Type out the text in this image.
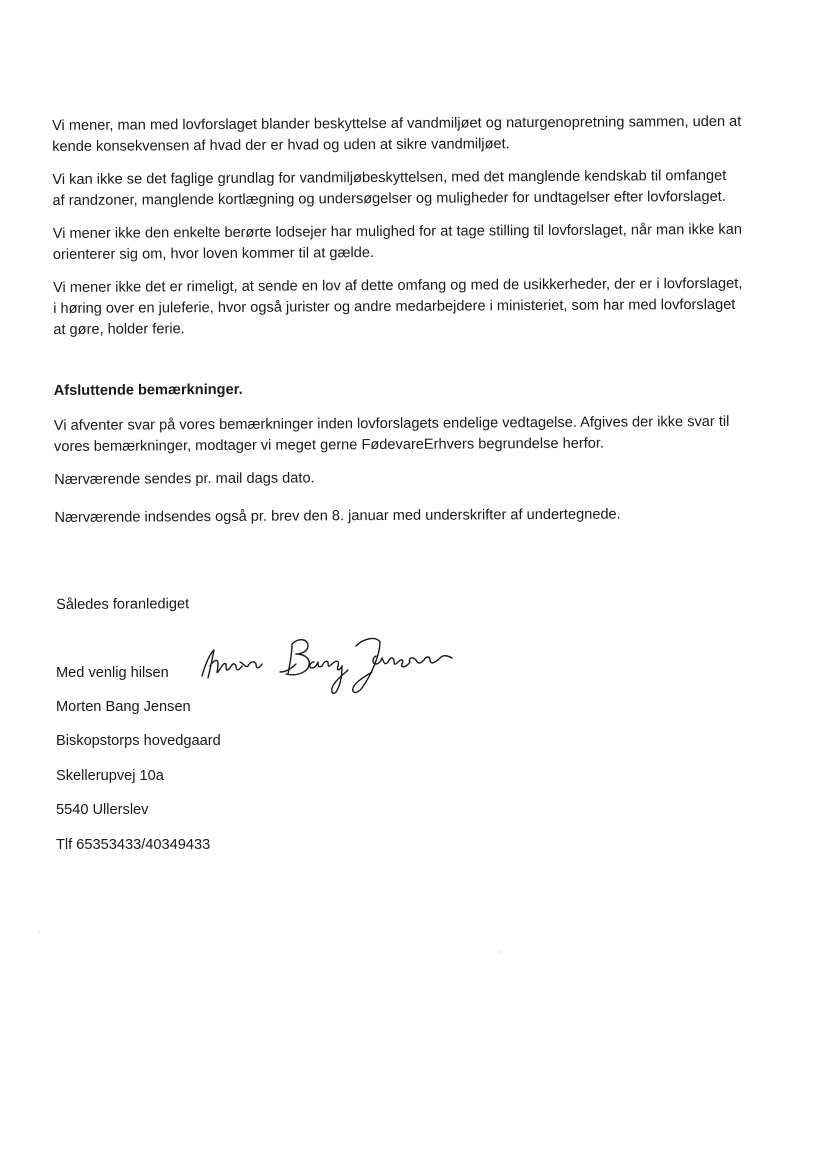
Vi mener, man med lovforslaget blander beskyttelse af vandmiljøet og naturgenopretning sammen, uden at kende konsekvensen af hvad der er hvad og uden at sikre vandmiljøet.

Vi kan ikke se det faglige grundlag for vandmiljøbeskyttelsen, med det manglende kendskab til omfanget af randzoner, manglende kortlægning og undersøgelser og muligheder for undtagelser efter lovforslaget.

Vi mener ikke den enkelte berørte lodsejer har mulighed for at tage stilling til lovforslaget, når man ikke kan orienterer sig om, hvor loven kommer til at gælde.

Vi mener ikke det er rimeligt, at sende en lov af dette omfang og med de usikkerheder, der er i lovforslaget, i høring over en juleferie, hvor også jurister og andre medarbejdere i ministeriet, som har med lovforslaget at gøre, holder ferie.

Afsluttende bemærkninger.

Vi afventer svar på vores bemærkninger inden lovforslagets endelige vedtagelse. Afgives der ikke svar til vores bemærkninger, modtager vi meget gerne FødevareErhvers begrundelse herfor.

Nærværende sendes pr. mail dags dato.

Nærværende indsendes også pr. brev den 8. januar med underskrifter af undertegnede.

Således foranlediget

Med venlig hilsen

Morten Bang Jensen

Biskopstorps hovedgaard

Skellerupvej 10a

5540 Ullerslev

Tlf 65353433/40349433
